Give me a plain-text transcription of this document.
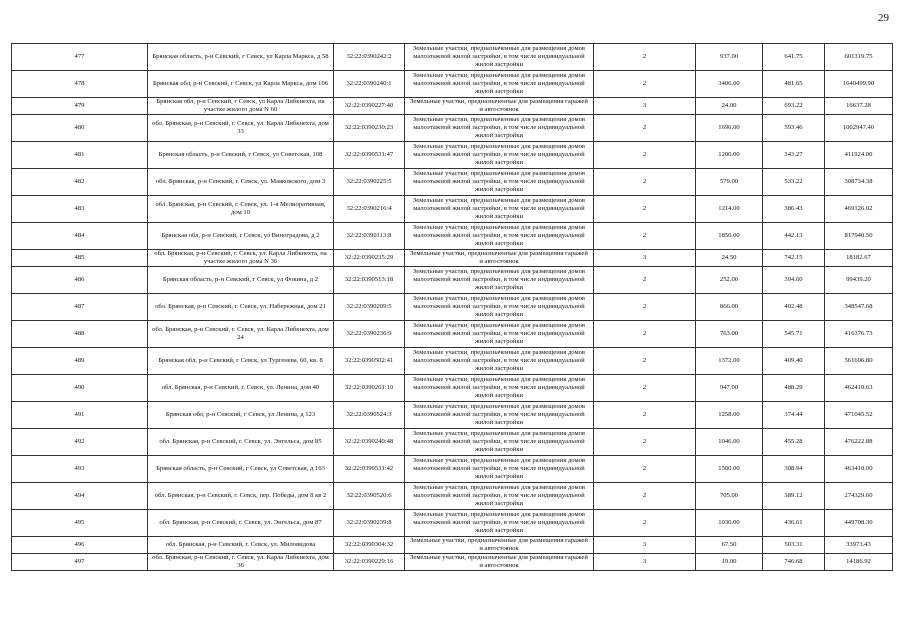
29
477	Брянская область, р-н Севский, г Севск, ул Карла Маркса, д 58	32:22:0390242:2	Земельные участки, предназначенные для размещения домов малоэтажной жилой застройки, в том числе индивидуальной жилой застройки	2	937.00	641.75	601319.75
478	Брянская обл, р-н Севский, г Севск, ул Карла Маркса, дом 106	32:22:0390240:1	Земельные участки, предназначенные для размещения домов малоэтажной жилой застройки, в том числе индивидуальной жилой застройки	2	3406.00	481.65	1640499.90
479	Брянская обл, р-н Севский, г Севск, ул Карла Либкнехта, на участке жилого дома N 60	32:22:0390227:40	Земельные участки, предназначенные для размещения гаражей и автостоянок	3	24.00	693.22	16637.28
480	обл. Брянская, р-н Севский, г. Севск, ул. Карла Либкнехта, дом 33	32:22:0390230:23	Земельные участки, предназначенные для размещения домов малоэтажной жилой застройки, в том числе индивидуальной жилой застройки	2	1690.00	593.46	1002947.40
481	Брянская область, р-н Севский, г Севск, ул Советская, 108	32:22:0390531:47	Земельные участки, предназначенные для размещения домов малоэтажной жилой застройки, в том числе индивидуальной жилой застройки	2	1200.00	343.27	411924.00
482	обл. Брянская, р-н Севский, г. Севск, ул. Маяковского, дом 3	32:22:0390225:5	Земельные участки, предназначенные для размещения домов малоэтажной жилой застройки, в том числе индивидуальной жилой застройки	2	579.00	533.22	308734.38
483	обл. Брянская, р-н Севский, г. Севск, ул. 1-я Мелиоративная, дом 10	32:22:0390216:4	Земельные участки, предназначенные для размещения домов малоэтажной жилой застройки, в том числе индивидуальной жилой застройки	2	1214.00	386.43	469126.02
484	Брянская обл, р-н Севский, г Севск, ул Виноградова, д 2	32:22:0390113:8	Земельные участки, предназначенные для размещения домов малоэтажной жилой застройки, в том числе индивидуальной жилой застройки	2	1850.00	442.13	817940.50
485	обл. Брянская, р-н Севский, г. Севск, ул. Карла Либкнехта, на участке жилого дома N 36	32:22:0390235:29	Земельные участки, предназначенные для размещения гаражей и автостоянок	3	24.50	742.15	18182.67
486	Брянская область, р-н Севский, г Севск, ул Фокина, д 2	32:22:0390513:18	Земельные участки, предназначенные для размещения домов малоэтажной жилой застройки, в том числе индивидуальной жилой застройки	2	252.00	394.60	99439.20
487	обл. Брянская, р-н Севский, г. Севск, ул. Набережная, дом 21	32:22:0390209:5	Земельные участки, предназначенные для размещения домов малоэтажной жилой застройки, в том числе индивидуальной жилой застройки	2	866.00	402.48	348547.68
488	обл. Брянская, р-н Севский, г. Севск, ул. Карла Либкнехта, дом 24	32:22:0390236:9	Земельные участки, предназначенные для размещения домов малоэтажной жилой застройки, в том числе индивидуальной жилой застройки	2	763.00	545.71	416376.73
489	Брянская обл, р-н Севский, г Севск, ул Тургенева, 60, кв. 8	32:22:0390502:41	Земельные участки, предназначенные для размещения домов малоэтажной жилой застройки, в том числе индивидуальной жилой застройки	2	1372.00	409.40	561696.80
490	обл. Брянская, р-н Севский, г. Севск, ул. Ленина, дом 40	32:22:0390261:10	Земельные участки, предназначенные для размещения домов малоэтажной жилой застройки, в том числе индивидуальной жилой застройки	2	947.00	488.29	462410.63
491	Брянская обл, р-н Севский, г Севск, ул Ленина, д 123	32:22:0390524:3	Земельные участки, предназначенные для размещения домов малоэтажной жилой застройки, в том числе индивидуальной жилой застройки	2	1258.00	374.44	471045.52
492	обл. Брянская, р-н Севский, г. Севск, ул. Энгельса, дом 85	32:22:0390240:48	Земельные участки, предназначенные для размещения домов малоэтажной жилой застройки, в том числе индивидуальной жилой застройки	2	1046.00	455.28	476222.88
493	Брянская область, р-н Севский, г Севск, ул Советская, д 163	32:22:0390531:42	Земельные участки, предназначенные для размещения домов малоэтажной жилой застройки, в том числе индивидуальной жилой застройки	2	1500.00	308.94	463410.00
494	обл. Брянская, р-н Севский, г. Севск, пер. Победы, дом 8 кв 2	32:22:0390520:6	Земельные участки, предназначенные для размещения домов малоэтажной жилой застройки, в том числе индивидуальной жилой застройки	2	705.00	389.12	274329.60
495	обл. Брянская, р-н Севский, г. Севск, ул. Энгельса, дом 87	32:22:0390239:8	Земельные участки, предназначенные для размещения домов малоэтажной жилой застройки, в том числе индивидуальной жилой застройки	2	1030.00	436.61	449708.30
496	обл. Брянская, р-н Севский, г. Севск, ул. Миловидова	32:22:0390304:32	Земельные участки, предназначенные для размещения гаражей и автостоянок	3	67.50	503.31	33973.43
497	обл. Брянская, р-н Севский, г. Севск, ул. Карла Либкнехта, дом 36	32:22:0390229:16	Земельные участки, предназначенные для размещения гаражей и автостоянок	3	19.00	746.68	14186.92
